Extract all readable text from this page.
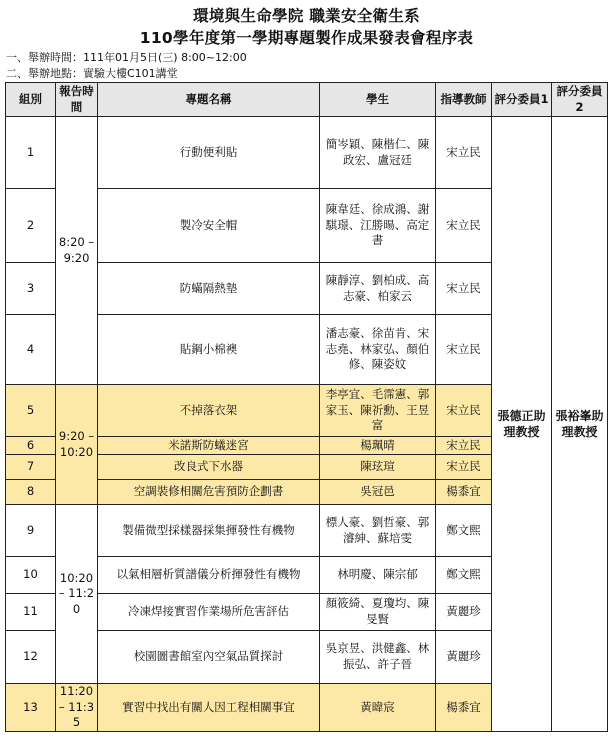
環境與生命學院 職業安全衛生系
110學年度第一學期專題製作成果發表會程序表
一、舉辦時間：111年01月5日(三) 8:00~12:00
二、舉辦地點：實驗大樓C101講堂
組別	報告時間	專題名稱	學生	指導教師	評分委員1	評分委員2
1	8:20 – 9:20	行動便利貼	簡岑穎、陳楷仁、陳政宏、盧冠廷	宋立民	張德正助理教授	張裕峯助理教授
2		製冷安全帽	陳韋廷、徐成鴻、謝騏璟、江勝暘、高定書	宋立民		
3		防蟎隔熱墊	陳靜淳、劉柏成、高志豪、柏家云	宋立民		
4		貼鋼小棉襖	潘志豪、徐苗肯、宋志堯、林家弘、顏伯修、陳姿妏	宋立民		
5	9:20 – 10:20	不掉落衣架	李亭宜、毛霈憲、郭家玉、陳祈勳、王昱富	宋立民		
6		米諾斯防蟻迷宮	楊珮晴	宋立民		
7		改良式下水器	陳玹瑄	宋立民		
8		空調裝修相關危害預防企劃書	吳冠邑	楊黍宜		
9	10:20 – 11:20	製備微型採樣器採集揮發性有機物	標人豪、劉哲豪、郭濬紳、蘇培雯	鄭文熙		
10		以氣相層析質譜儀分析揮發性有機物	林明慶、陳宗郁	鄭文熙		
11		冷凍焊接實習作業場所危害評估	顏筱綺、夏瓊均、陳旻賢	黃麗珍		
12		校園圖書館室內空氣品質探討	吳京昱、洪健鑫、林振弘、許子晉	黃麗珍		
13	11:20 – 11:35	實習中找出有關人因工程相關事宜	黃暐宸	楊黍宜		
